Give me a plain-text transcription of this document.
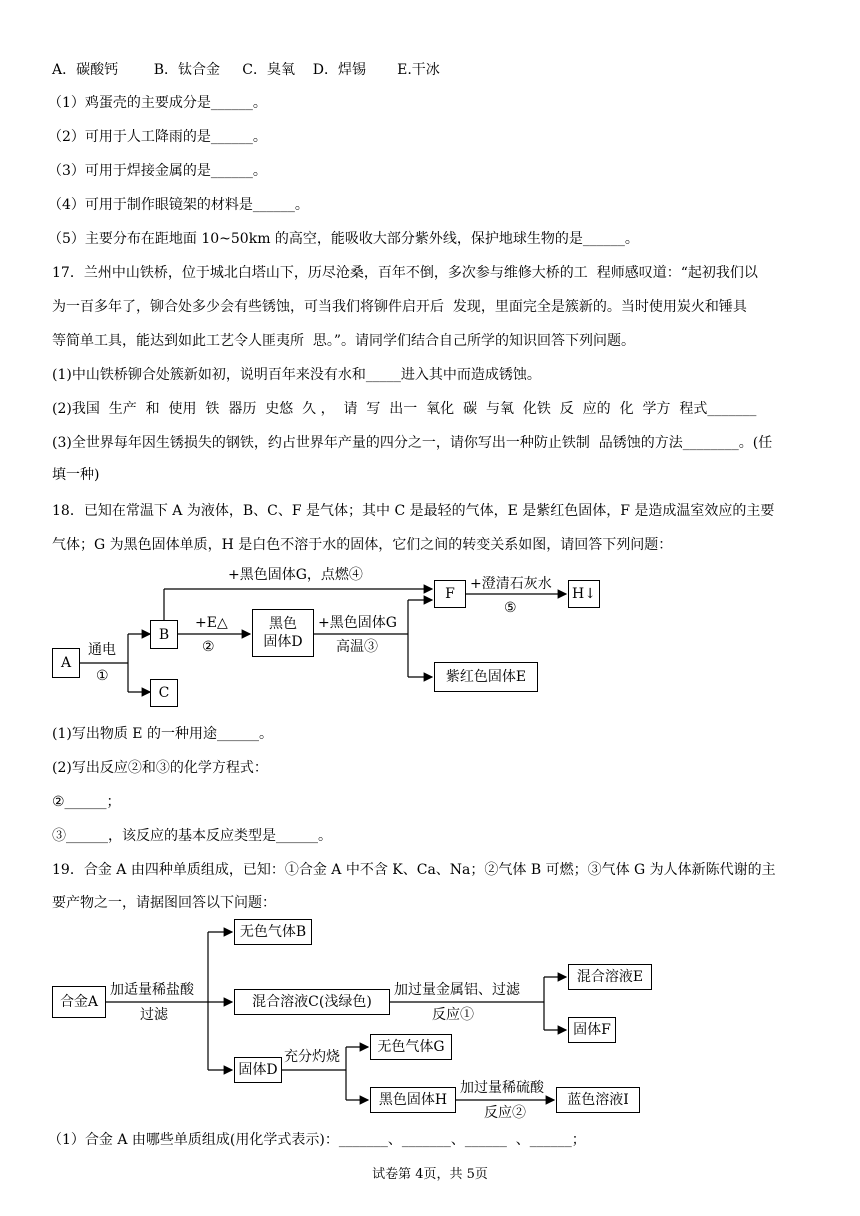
A．碳酸钙        B．钛合金     C．臭氧    D．焊锡       E.干冰
（1）鸡蛋壳的主要成分是______。
（2）可用于人工降雨的是______。
（3）可用于焊接金属的是______。
（4）可用于制作眼镜架的材料是______。
（5）主要分布在距地面 10~50km 的高空，能吸收大部分紫外线，保护地球生物的是______。
17．兰州中山铁桥，位于城北白塔山下，历尽沧桑，百年不倒，多次参与维修大桥的工  程师感叹道：“起初我们以
为一百多年了，铆合处多少会有些锈蚀，可当我们将铆件启开后  发现，里面完全是簇新的。当时使用炭火和锤具
等简单工具，能达到如此工艺令人匪夷所  思。”。请同学们结合自己所学的知识回答下列问题。
(1)中山铁桥铆合处簇新如初，说明百年来没有水和_____进入其中而造成锈蚀。
(2)我国  生产  和  使用  铁  器历  史悠  久 ，  请  写  出一  氧化  碳  与氧  化铁  反  应的  化  学方  程式_______
(3)全世界每年因生锈损失的钢铁，约占世界年产量的四分之一，请你写出一种防止铁制  品锈蚀的方法________。(任
填一种)
18．已知在常温下 A 为液体，B、C、F 是气体；其中 C 是最轻的气体，E 是紫红色固体，F 是造成温室效应的主要
气体；G 为黑色固体单质，H 是白色不溶于水的固体，它们之间的转变关系如图，请回答下列问题：
A
B
C
黑色
固体D
F	H↓
紫红色固体E
通电
①
+E△
②
+黑色固体G
高温③
+黑色固体G，点燃④
+澄清石灰水
⑤
(1)写出物质 E 的一种用途______。
(2)写出反应②和③的化学方程式：
②______；
③______，该反应的基本反应类型是______。
19．合金 A 由四种单质组成，已知：①合金 A 中不含 K、Ca、Na；②气体 B 可燃；③气体 G 为人体新陈代谢的主
要产物之一，请据图回答以下问题：
合金A
无色气体B
混合溶液C(浅绿色)
混合溶液E
固体F
固体D
无色气体G
黑色固体H	蓝色溶液I
加适量稀盐酸
过滤
加过量金属铝、过滤
反应①
充分灼烧
加过量稀硫酸
反应②
（1）合金 A 由哪些单质组成(用化学式表示)：_______、_______、______  、______；
试卷第 4页，共 5页
